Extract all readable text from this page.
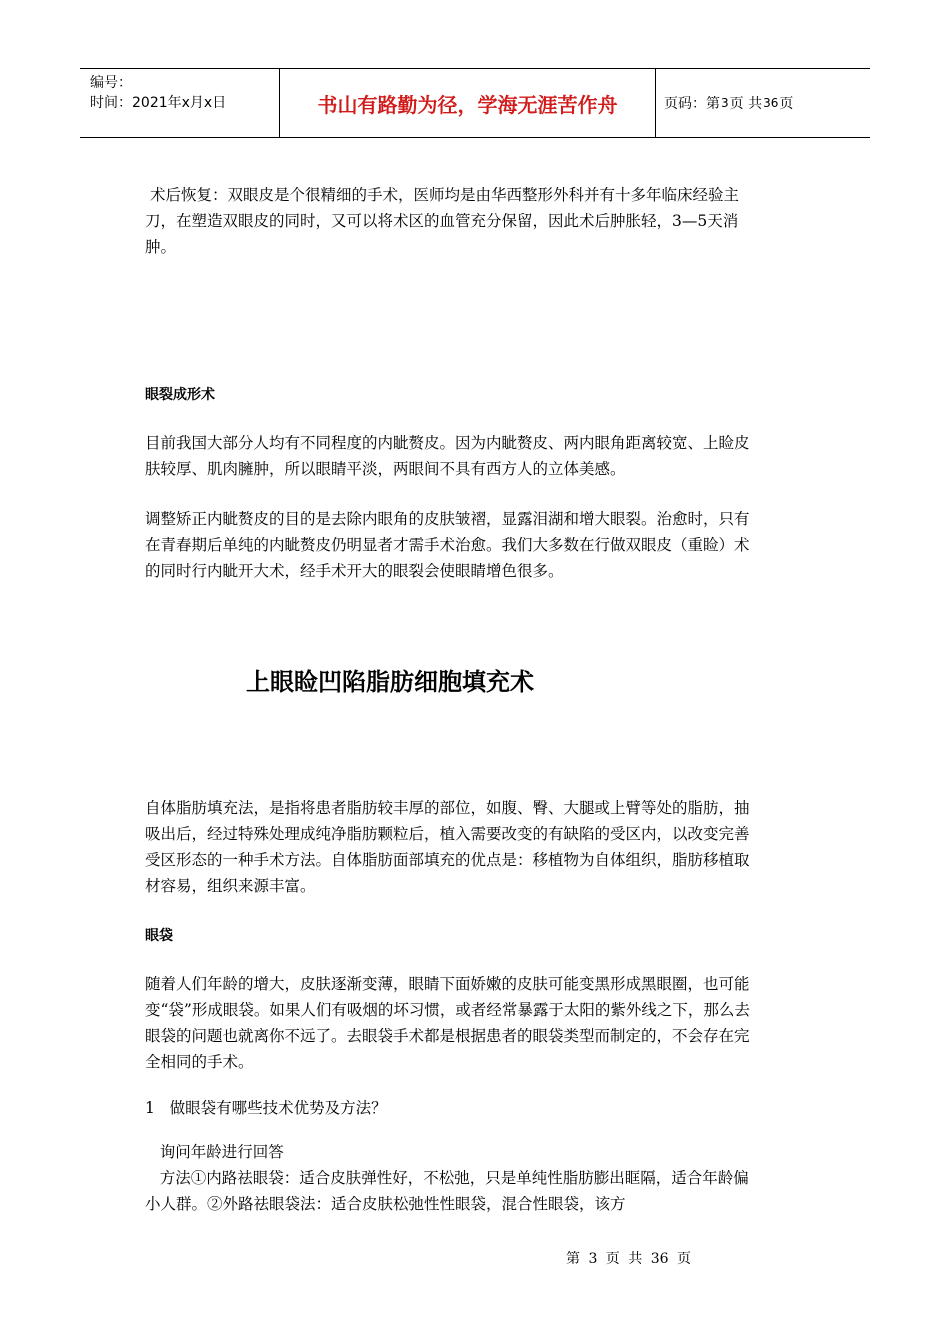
编号：
时间：2021年x月x日	书山有路勤为径，学海无涯苦作舟	页码：第 3 页 共 36 页

术后恢复：双眼皮是个很精细的手术，医师均是由华西整形外科并有十多年临床经验主刀，在塑造双眼皮的同时，又可以将术区的血管充分保留，因此术后肿胀轻，3—5天消肿。

眼裂成形术

目前我国大部分人均有不同程度的内眦赘皮。因为内眦赘皮、两内眼角距离较宽、上睑皮肤较厚、肌肉臃肿，所以眼睛平淡，两眼间不具有西方人的立体美感。

调整矫正内眦赘皮的目的是去除内眼角的皮肤皱褶，显露泪湖和增大眼裂。治愈时，只有在青春期后单纯的内眦赘皮仍明显者才需手术治愈。我们大多数在行做双眼皮（重睑）术的同时行内眦开大术，经手术开大的眼裂会使眼睛增色很多。

上眼睑凹陷脂肪细胞填充术

自体脂肪填充法，是指将患者脂肪较丰厚的部位，如腹、臀、大腿或上臂等处的脂肪，抽吸出后，经过特殊处理成纯净脂肪颗粒后，植入需要改变的有缺陷的受区内，以改变完善受区形态的一种手术方法。自体脂肪面部填充的优点是：移植物为自体组织，脂肪移植取材容易，组织来源丰富。

眼袋

随着人们年龄的增大，皮肤逐渐变薄，眼睛下面娇嫩的皮肤可能变黑形成黑眼圈，也可能变“袋”形成眼袋。如果人们有吸烟的坏习惯，或者经常暴露于太阳的紫外线之下，那么去眼袋的问题也就离你不远了。去眼袋手术都是根据患者的眼袋类型而制定的，不会存在完全相同的手术。

1   做眼袋有哪些技术优势及方法？

询问年龄进行回答

方法①内路祛眼袋：适合皮肤弹性好，不松弛，只是单纯性脂肪膨出眶隔，适合年龄偏小人群。②外路祛眼袋法：适合皮肤松弛性性眼袋，混合性眼袋，该方

第 3 页 共 36 页
